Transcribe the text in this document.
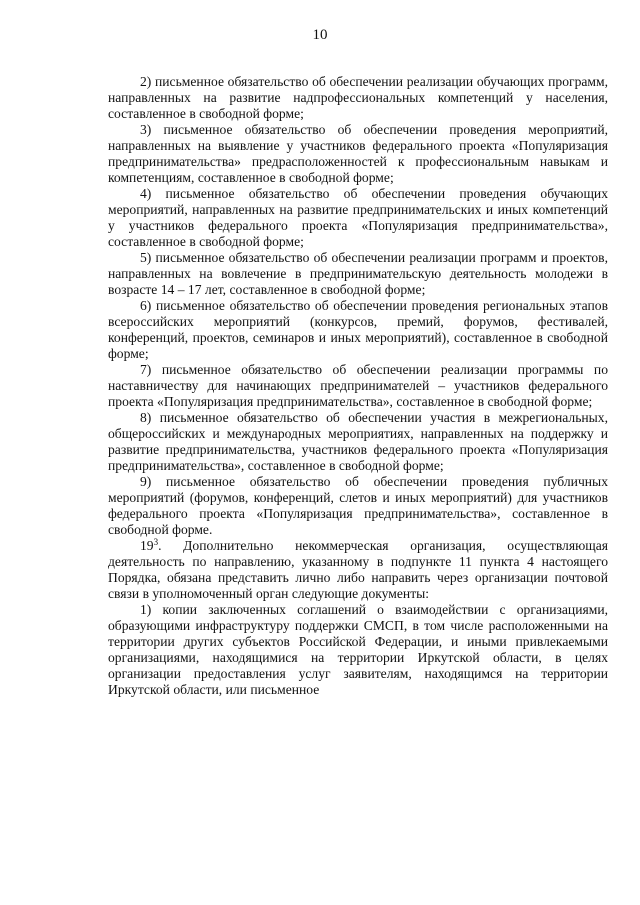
10

2) письменное обязательство об обеспечении реализации обучающих программ, направленных на развитие надпрофессиональных компетенций у населения, составленное в свободной форме;

3) письменное обязательство об обеспечении проведения мероприятий, направленных на выявление у участников федерального проекта «Популяризация предпринимательства» предрасположенностей к профессиональным навыкам и компетенциям, составленное в свободной форме;

4) письменное обязательство об обеспечении проведения обучающих мероприятий, направленных на развитие предпринимательских и иных компетенций у участников федерального проекта «Популяризация предпринимательства», составленное в свободной форме;

5) письменное обязательство об обеспечении реализации программ и проектов, направленных на вовлечение в предпринимательскую деятельность молодежи в возрасте 14 – 17 лет, составленное в свободной форме;

6) письменное обязательство об обеспечении проведения региональных этапов всероссийских мероприятий (конкурсов, премий, форумов, фестивалей, конференций, проектов, семинаров и иных мероприятий), составленное в свободной форме;

7) письменное обязательство об обеспечении реализации программы по наставничеству для начинающих предпринимателей – участников федерального проекта «Популяризация предпринимательства», составленное в свободной форме;

8) письменное обязательство об обеспечении участия в межрегиональных, общероссийских и международных мероприятиях, направленных на поддержку и развитие предпринимательства, участников федерального проекта «Популяризация предпринимательства», составленное в свободной форме;

9) письменное обязательство об обеспечении проведения публичных мероприятий (форумов, конференций, слетов и иных мероприятий) для участников федерального проекта «Популяризация предпринимательства», составленное в свободной форме.

$19^3$. Дополнительно некоммерческая организация, осуществляющая деятельность по направлению, указанному в подпункте 11 пункта 4 настоящего Порядка, обязана представить лично либо направить через организации почтовой связи в уполномоченный орган следующие документы:

1) копии заключенных соглашений о взаимодействии с организациями, образующими инфраструктуру поддержки СМСП, в том числе расположенными на территории других субъектов Российской Федерации, и иными привлекаемыми организациями, находящимися на территории Иркутской области, в целях организации предоставления услуг заявителям, находящимся на территории Иркутской области, или письменное
